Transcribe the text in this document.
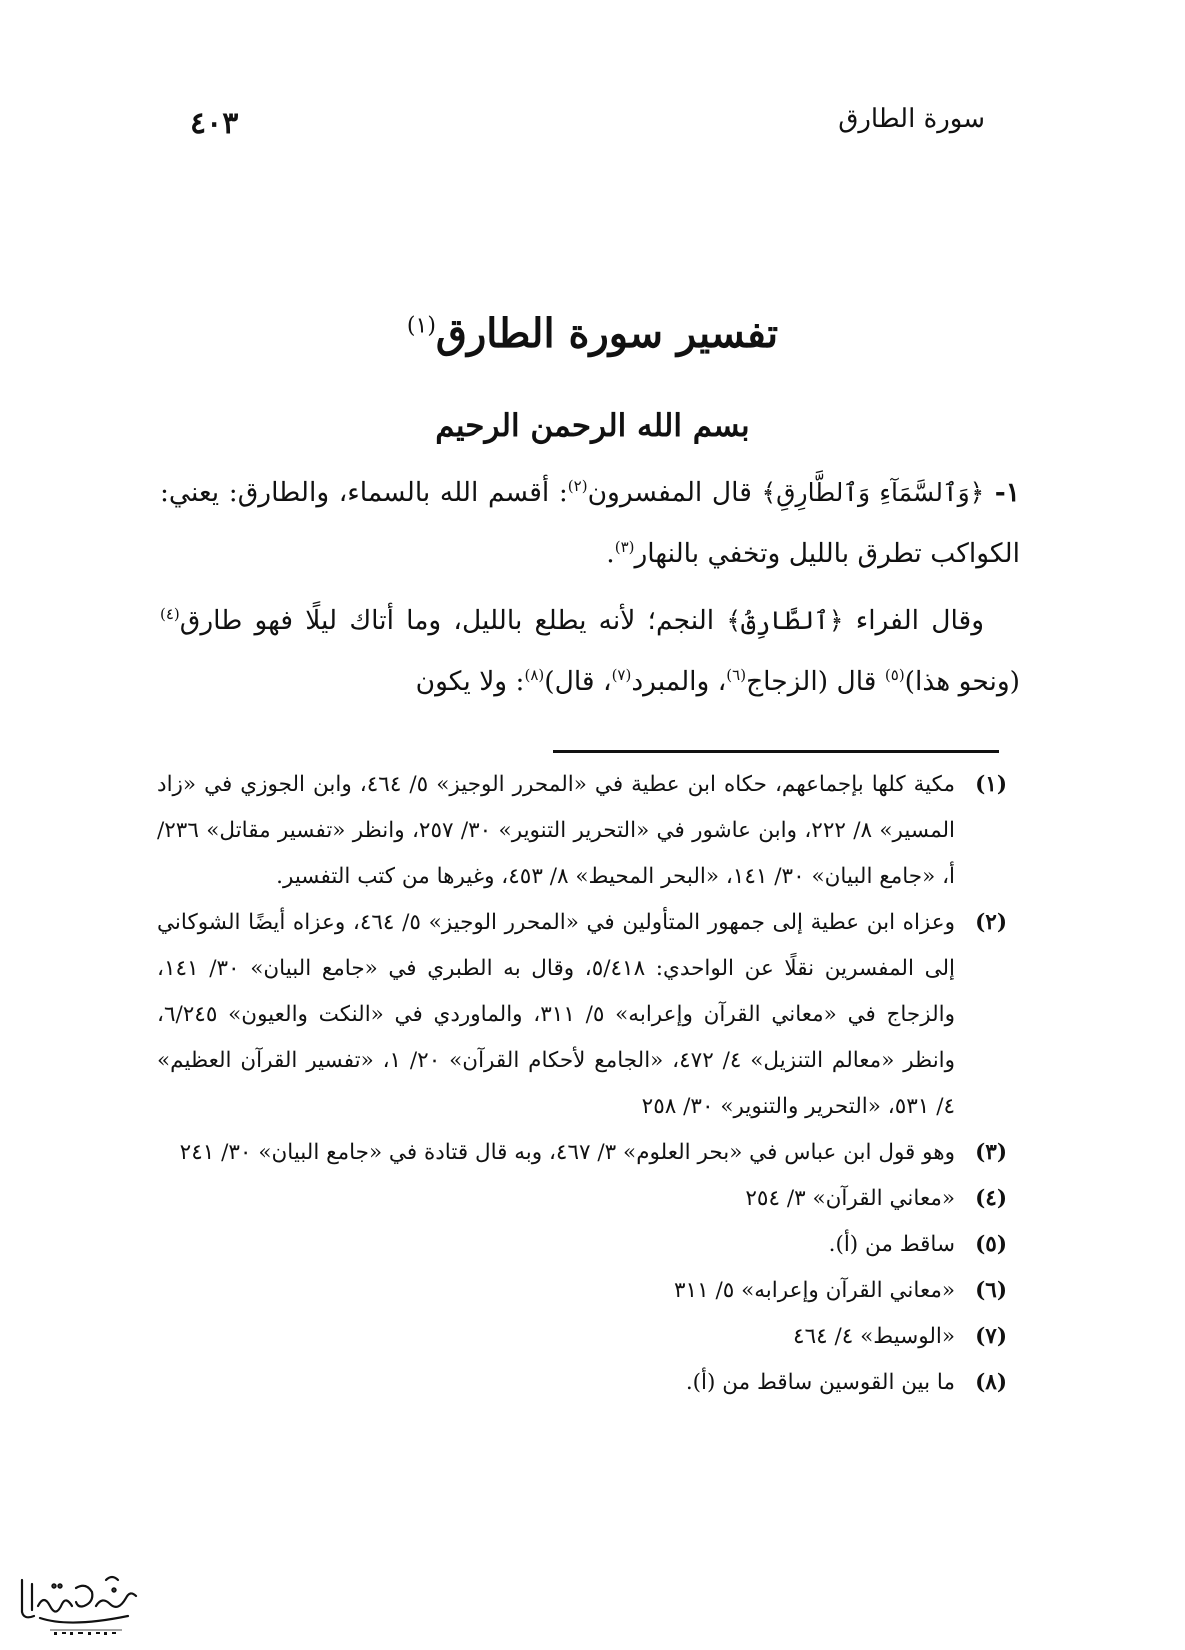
سورة الطارق
٤٠٣
تفسير سورة الطارق$^{(١)}$
بسم الله الرحمن الرحيم

١- ﴿وَٱلسَّمَآءِ وَٱلطَّارِقِ﴾ قال المفسرون$^{(٢)}$: أقسم الله بالسماء، والطارق: يعني: الكواكب تطرق بالليل وتخفي بالنهار$^{(٣)}$.

وقال الفراء ﴿ٱلطَّارِقُ﴾ النجم؛ لأنه يطلع بالليل، وما أتاك ليلًا فهو طارق$^{(٤)}$ (ونحو هذا)$^{(٥)}$ قال (الزجاج$^{(٦)}$، والمبرد$^{(٧)}$، قال)$^{(٨)}$: ولا يكون

(١)
مكية كلها بإجماعهم، حكاه ابن عطية في «المحرر الوجيز» ٥/ ٤٦٤، وابن الجوزي في «زاد المسير» ٨/ ٢٢٢، وابن عاشور في «التحرير التنوير» ٣٠/ ٢٥٧، وانظر «تفسير مقاتل» ٢٣٦/أ، «جامع البيان» ٣٠/ ١٤١، «البحر المحيط» ٨/ ٤٥٣، وغيرها من كتب التفسير.
(٢)
وعزاه ابن عطية إلى جمهور المتأولين في «المحرر الوجيز» ٥/ ٤٦٤، وعزاه أيضًا الشوكاني إلى المفسرين نقلًا عن الواحدي: ٥/٤١٨، وقال به الطبري في «جامع البيان» ٣٠/ ١٤١، والزجاج في «معاني القرآن وإعرابه» ٥/ ٣١١، والماوردي في «النكت والعيون» ٦/٢٤٥، وانظر «معالم التنزيل» ٤/ ٤٧٢، «الجامع لأحكام القرآن» ٢٠/ ١، «تفسير القرآن العظيم» ٤/ ٥٣١، «التحرير والتنوير» ٣٠/ ٢٥٨
(٣)
وهو قول ابن عباس في «بحر العلوم» ٣/ ٤٦٧، وبه قال قتادة في «جامع البيان» ٣٠/ ٢٤١
(٤)
«معاني القرآن» ٣/ ٢٥٤
(٥)
ساقط من (أ).
(٦)
«معاني القرآن وإعرابه» ٥/ ٣١١
(٧)
«الوسيط» ٤/ ٤٦٤
(٨)
ما بين القوسين ساقط من (أ).
